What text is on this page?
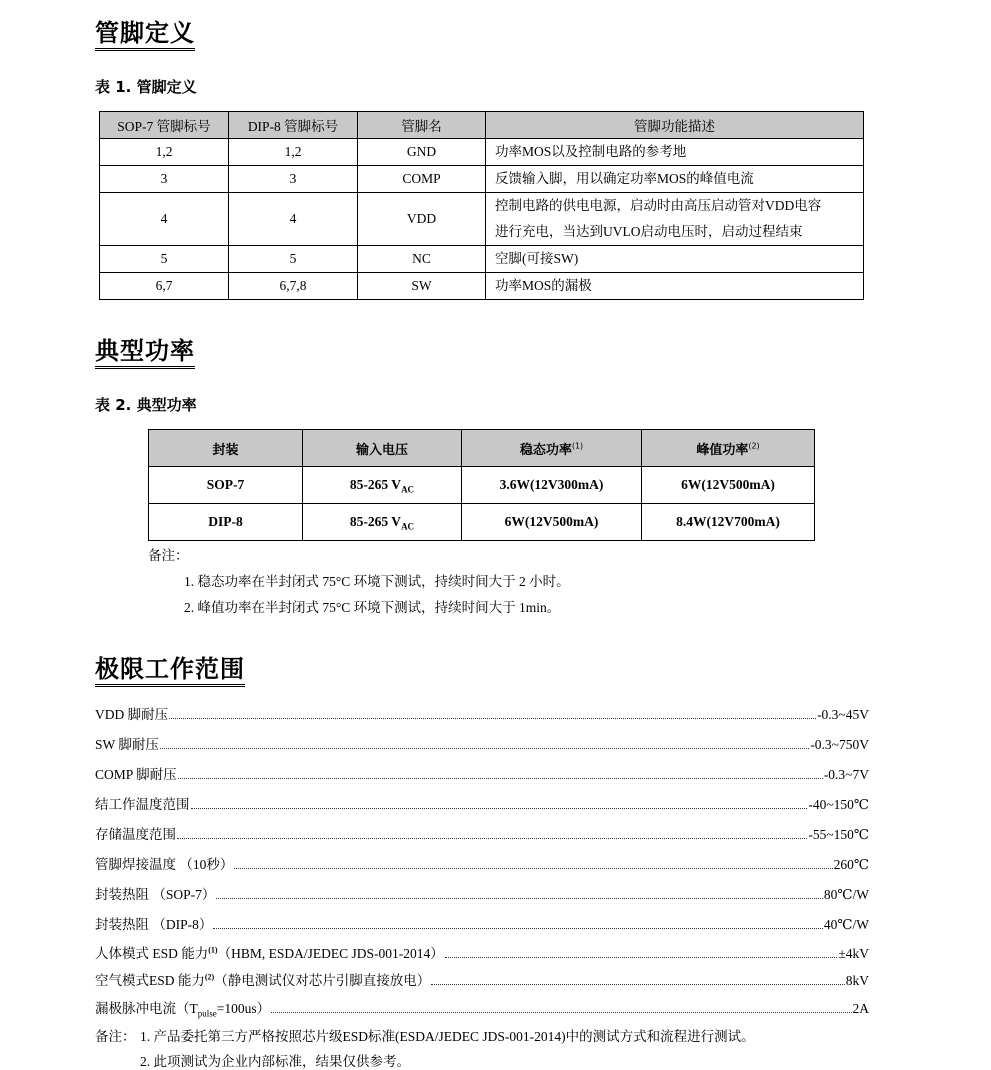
管脚定义
表 1. 管脚定义
SOP-7 管脚标号	DIP-8 管脚标号	管脚名	管脚功能描述
1,2	1,2	GND	功率MOS以及控制电路的参考地
3	3	COMP	反馈输入脚，用以确定功率MOS的峰值电流
4	4	VDD	控制电路的供电电源，启动时由高压启动管对VDD电容
进行充电，当达到UVLO启动电压时，启动过程结束
5	5	NC	空脚(可接SW)
6,7	6,7,8	SW	功率MOS的漏极
典型功率
表 2. 典型功率
封装	输入电压	稳态功率$^{(1)}$	峰值功率$^{(2)}$
SOP-7	85-265 $V_{AC}$	3.6W(12V300mA)	6W(12V500mA)
DIP-8	85-265 $V_{AC}$	6W(12V500mA)	8.4W(12V700mA)
备注：
1. 稳态功率在半封闭式 75°C 环境下测试，持续时间大于 2 小时。
2. 峰值功率在半封闭式 75°C 环境下测试，持续时间大于 1min。
极限工作范围
VDD 脚耐压	-0.3~45V
SW 脚耐压	-0.3~750V
COMP 脚耐压	-0.3~7V
结工作温度范围	-40~150℃
存储温度范围	-55~150℃
管脚焊接温度 （10秒）	260℃
封装热阻 （SOP-7）	80℃/W
封装热阻 （DIP-8）	40℃/W
人体模式 ESD 能力$^{(1)}$（HBM, ESDA/JEDEC JDS-001-2014）	±4kV
空气模式ESD 能力$^{(2)}$（静电测试仪对芯片引脚直接放电）	8kV
漏极脉冲电流$(T_{pulse}=100us)$	2A
备注： 1. 产品委托第三方严格按照芯片级ESD标准(ESDA/JEDEC JDS-001-2014)中的测试方式和流程进行测试。
2. 此项测试为企业内部标准，结果仅供参考。
